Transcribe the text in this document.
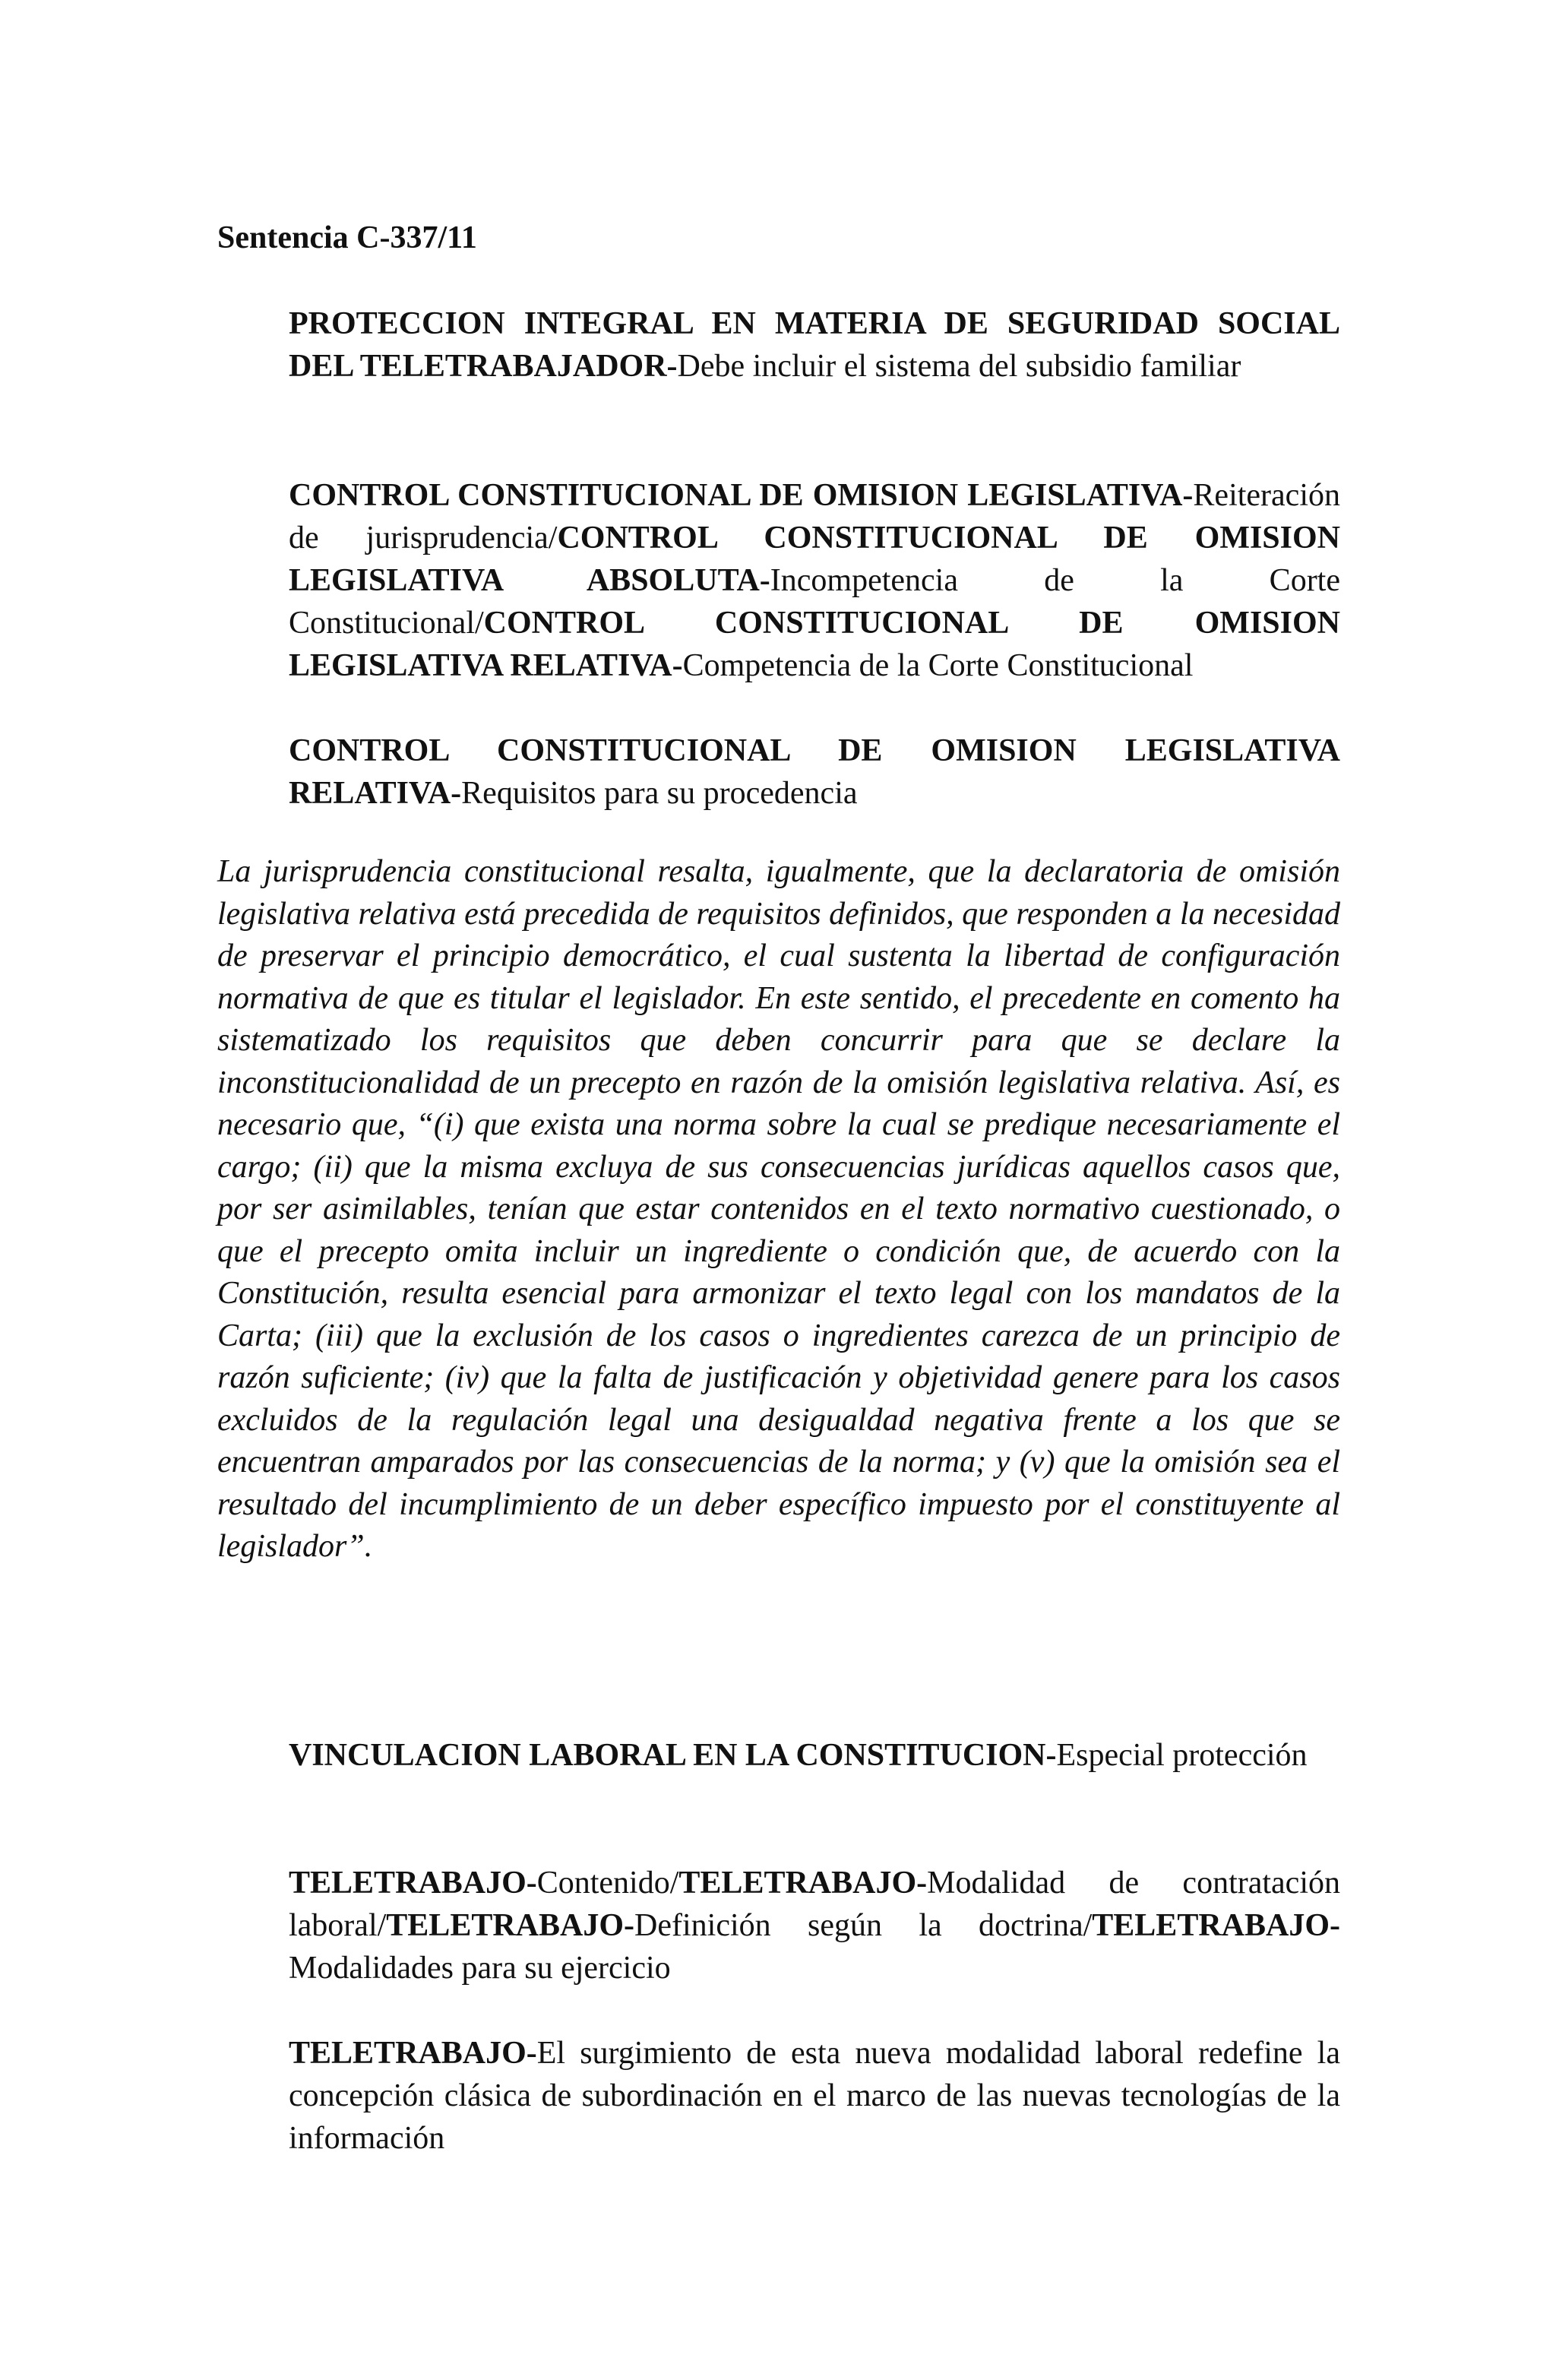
Sentencia C-337/11
PROTECCION INTEGRAL EN MATERIA DE SEGURIDAD SOCIAL DEL TELETRABAJADOR-Debe incluir el sistema del subsidio familiar
CONTROL CONSTITUCIONAL DE OMISION LEGISLATIVA-Reiteración de jurisprudencia/CONTROL CONSTITUCIONAL DE OMISION LEGISLATIVA ABSOLUTA-Incompetencia de la Corte Constitucional/CONTROL CONSTITUCIONAL DE OMISION LEGISLATIVA RELATIVA-Competencia de la Corte Constitucional
CONTROL CONSTITUCIONAL DE OMISION LEGISLATIVA RELATIVA-Requisitos para su procedencia
La jurisprudencia constitucional resalta, igualmente, que la declaratoria de omisión legislativa relativa está precedida de requisitos definidos, que responden a la necesidad de preservar el principio democrático, el cual sustenta la libertad de configuración normativa de que es titular el legislador. En este sentido, el precedente en comento ha sistematizado los requisitos que deben concurrir para que se declare la inconstitucionalidad de un precepto en razón de la omisión legislativa relativa. Así, es necesario que, “(i) que exista una norma sobre la cual se predique necesariamente el cargo; (ii) que la misma excluya de sus consecuencias jurídicas aquellos casos que, por ser asimilables, tenían que estar contenidos en el texto normativo cuestionado, o que el precepto omita incluir un ingrediente o condición que, de acuerdo con la Constitución, resulta esencial para armonizar el texto legal con los mandatos de la Carta; (iii) que la exclusión de los casos o ingredientes carezca de un principio de razón suficiente; (iv) que la falta de justificación y objetividad genere para los casos excluidos de la regulación legal una desigualdad negativa frente a los que se encuentran amparados por las consecuencias de la norma; y (v) que la omisión sea el resultado del incumplimiento de un deber específico impuesto por el constituyente al legislador”.
VINCULACION LABORAL EN LA CONSTITUCION-Especial protección
TELETRABAJO-Contenido/TELETRABAJO-Modalidad de contratación laboral/TELETRABAJO-Definición según la doctrina/TELETRABAJO-Modalidades para su ejercicio
TELETRABAJO-El surgimiento de esta nueva modalidad laboral redefine la concepción clásica de subordinación en el marco de las nuevas tecnologías de la información
